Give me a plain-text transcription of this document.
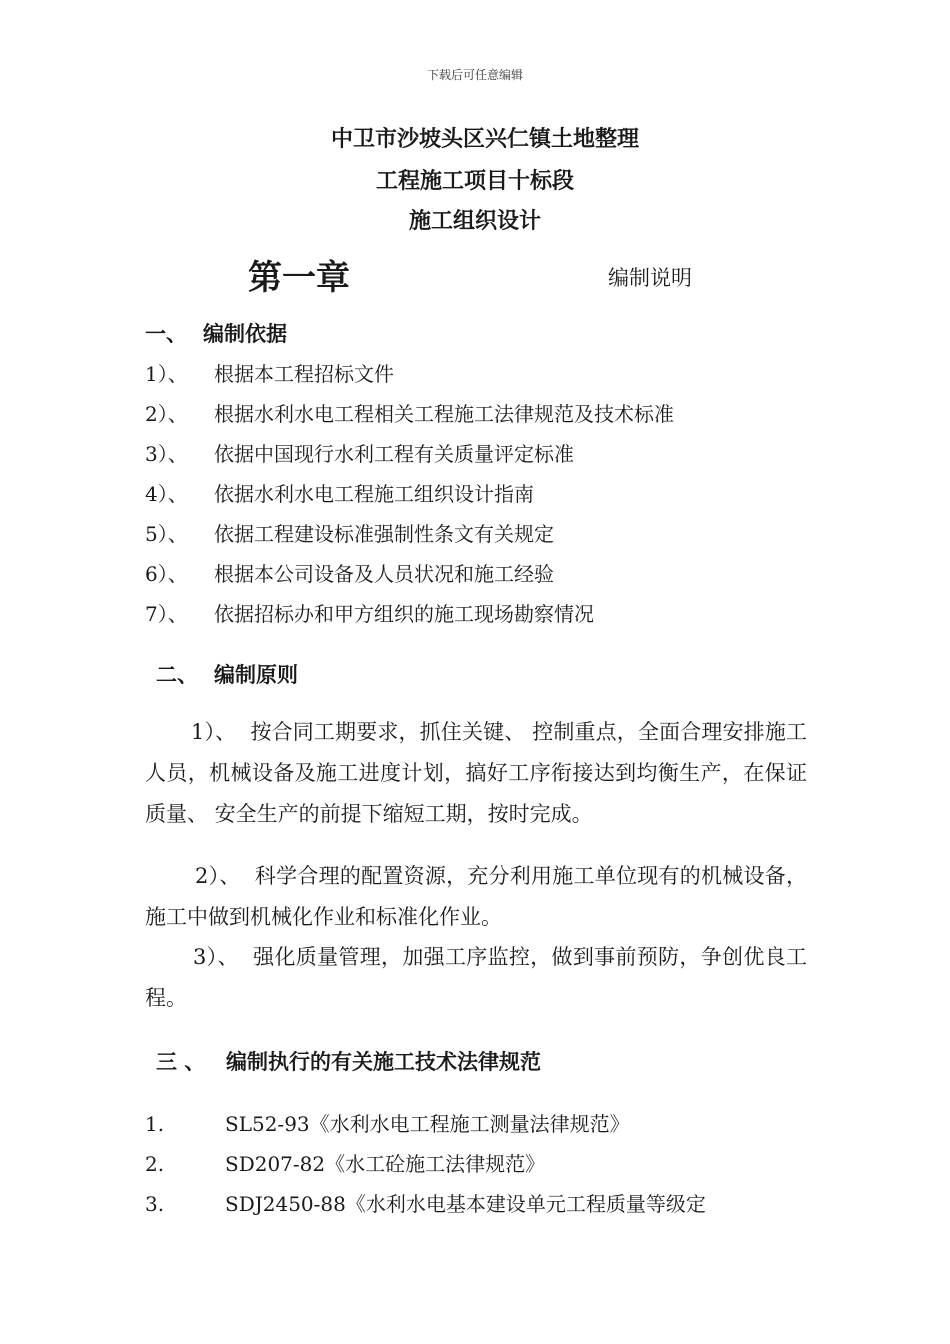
下载后可任意编辑
中卫市沙坡头区兴仁镇土地整理
工程施工项目十标段
施工组织设计
第一章	编制说明
一、 编制依据
1）、	根据本工程招标文件
2）、	根据水利水电工程相关工程施工法律规范及技术标准
3）、	依据中国现行水利工程有关质量评定标准
4）、	依据水利水电工程施工组织设计指南
5）、	依据工程建设标准强制性条文有关规定
6）、	根据本公司设备及人员状况和施工经验
7）、	依据招标办和甲方组织的施工现场勘察情况
二、 编制原则
1）、 按合同工期要求，抓住关键、 控制重点，全面合理安排施工人员，机械设备及施工进度计划，搞好工序衔接达到均衡生产，在保证质量、 安全生产的前提下缩短工期，按时完成。
2）、 科学合理的配置资源，充分利用施工单位现有的机械设备，施工中做到机械化作业和标准化作业。
3）、 强化质量管理，加强工序监控，做到事前预防，争创优良工程。
三 、 编制执行的有关施工技术法律规范
1.	SL52-93《水利水电工程施工测量法律规范》
2.	SD207-82《水工砼施工法律规范》
3.	SDJ2450-88《水利水电基本建设单元工程质量等级定
